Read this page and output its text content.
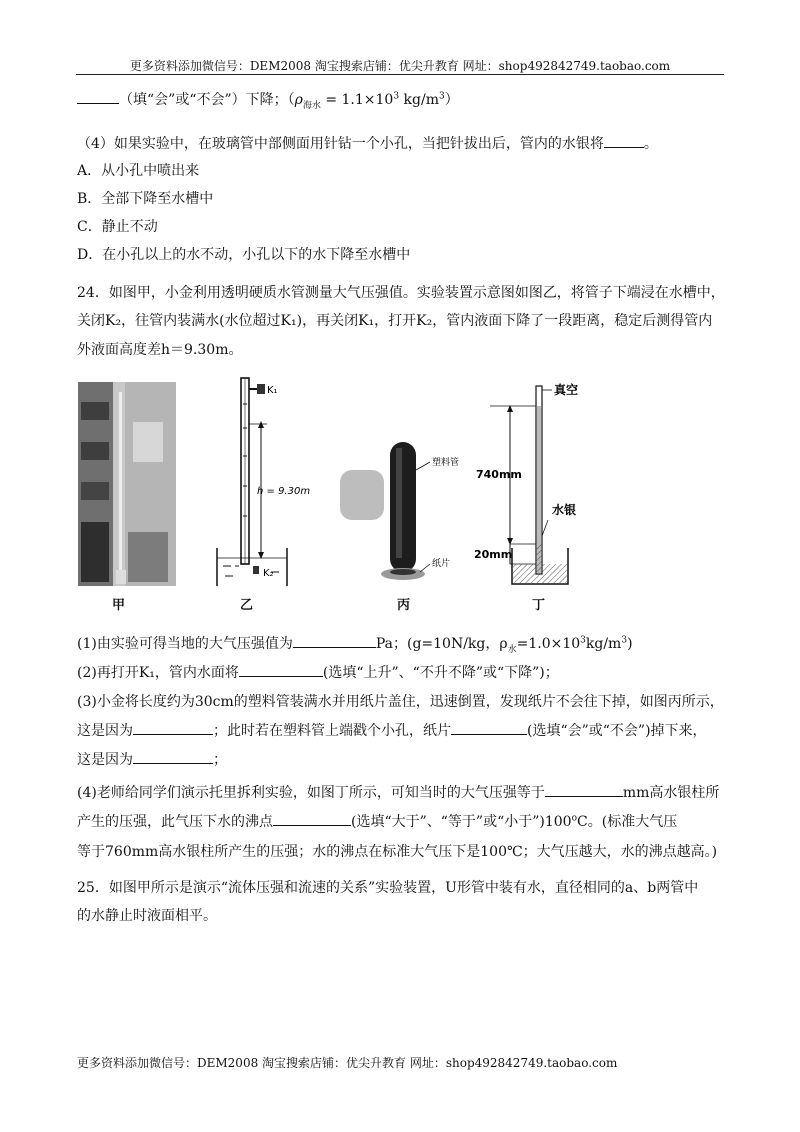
更多资料添加微信号：DEM2008 淘宝搜索店铺：优尖升教育 网址：shop492842749.taobao.com
（填“会”或“不会”）下降；（$\rho_{海水} = 1.1\times 10^3$ $kg/m^3$）
（4）如果实验中，在玻璃管中部侧面用针钻一个小孔，当把针拔出后，管内的水银将	。
A．从小孔中喷出来
B．全部下降至水槽中
C．静止不动
D．在小孔以上的水不动，小孔以下的水下降至水槽中
24．如图甲，小金利用透明硬质水管测量大气压强值。实验装置示意图如图乙，将管子下端浸在水槽中，
关闭K₂，往管内装满水(水位超过K₁)，再关闭K₁，打开K₂，管内液面下降了一段距离，稳定后测得管内
外液面高度差h＝9.30m。
K₁
h = 9.30m
K₂
塑料管
纸片
真空
740mm
20mm
水银
甲	乙	丙	丁
(1)由实验可得当地的大气压强值为	Pa；(g=10N/kg，$\rho_水=1.0\times 10^3kg/m^3$)
(2)再打开K₁，管内水面将	(选填“上升”、“不升不降”或“下降”)；
(3)小金将长度约为30cm的塑料管装满水并用纸片盖住，迅速倒置，发现纸片不会往下掉，如图丙所示，
这是因为	；此时若在塑料管上端戳个小孔，纸片	(选填“会”或“不会”)掉下来，
这是因为	；
(4)老师给同学们演示托里拆利实验，如图丁所示，可知当时的大气压强等于	mm高水银柱所
产生的压强，此气压下水的沸点	(选填“大于”、“等于”或“小于”)100$^o$C。(标准大气压
等于760mm高水银柱所产生的压强；水的沸点在标准大气压下是100℃；大气压越大，水的沸点越高。)
25．如图甲所示是演示“流体压强和流速的关系”实验装置，U形管中装有水，直径相同的a、b两管中
的水静止时液面相平。
更多资料添加微信号：DEM2008 淘宝搜索店铺：优尖升教育 网址：shop492842749.taobao.com
